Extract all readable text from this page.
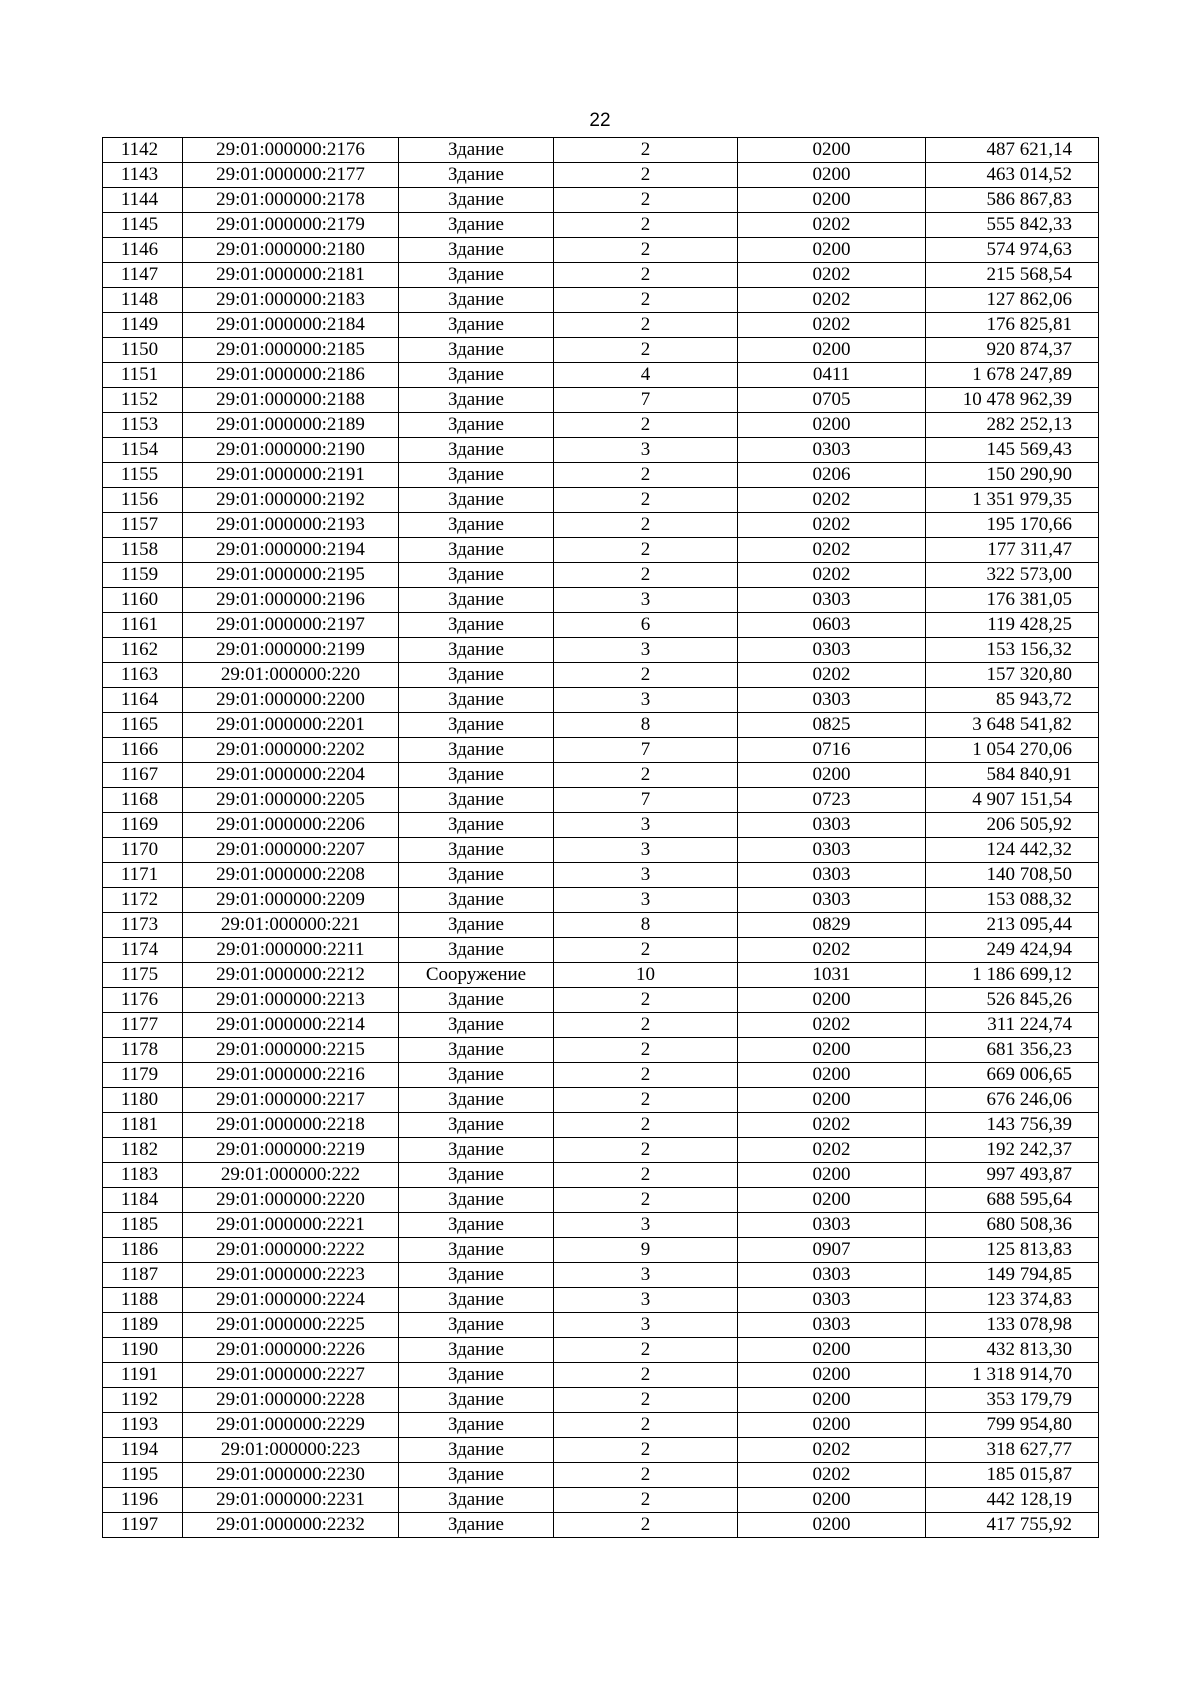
22
1142	29:01:000000:2176	Здание	2	0200	487 621,14
1143	29:01:000000:2177	Здание	2	0200	463 014,52
1144	29:01:000000:2178	Здание	2	0200	586 867,83
1145	29:01:000000:2179	Здание	2	0202	555 842,33
1146	29:01:000000:2180	Здание	2	0200	574 974,63
1147	29:01:000000:2181	Здание	2	0202	215 568,54
1148	29:01:000000:2183	Здание	2	0202	127 862,06
1149	29:01:000000:2184	Здание	2	0202	176 825,81
1150	29:01:000000:2185	Здание	2	0200	920 874,37
1151	29:01:000000:2186	Здание	4	0411	1 678 247,89
1152	29:01:000000:2188	Здание	7	0705	10 478 962,39
1153	29:01:000000:2189	Здание	2	0200	282 252,13
1154	29:01:000000:2190	Здание	3	0303	145 569,43
1155	29:01:000000:2191	Здание	2	0206	150 290,90
1156	29:01:000000:2192	Здание	2	0202	1 351 979,35
1157	29:01:000000:2193	Здание	2	0202	195 170,66
1158	29:01:000000:2194	Здание	2	0202	177 311,47
1159	29:01:000000:2195	Здание	2	0202	322 573,00
1160	29:01:000000:2196	Здание	3	0303	176 381,05
1161	29:01:000000:2197	Здание	6	0603	119 428,25
1162	29:01:000000:2199	Здание	3	0303	153 156,32
1163	29:01:000000:220	Здание	2	0202	157 320,80
1164	29:01:000000:2200	Здание	3	0303	85 943,72
1165	29:01:000000:2201	Здание	8	0825	3 648 541,82
1166	29:01:000000:2202	Здание	7	0716	1 054 270,06
1167	29:01:000000:2204	Здание	2	0200	584 840,91
1168	29:01:000000:2205	Здание	7	0723	4 907 151,54
1169	29:01:000000:2206	Здание	3	0303	206 505,92
1170	29:01:000000:2207	Здание	3	0303	124 442,32
1171	29:01:000000:2208	Здание	3	0303	140 708,50
1172	29:01:000000:2209	Здание	3	0303	153 088,32
1173	29:01:000000:221	Здание	8	0829	213 095,44
1174	29:01:000000:2211	Здание	2	0202	249 424,94
1175	29:01:000000:2212	Сооружение	10	1031	1 186 699,12
1176	29:01:000000:2213	Здание	2	0200	526 845,26
1177	29:01:000000:2214	Здание	2	0202	311 224,74
1178	29:01:000000:2215	Здание	2	0200	681 356,23
1179	29:01:000000:2216	Здание	2	0200	669 006,65
1180	29:01:000000:2217	Здание	2	0200	676 246,06
1181	29:01:000000:2218	Здание	2	0202	143 756,39
1182	29:01:000000:2219	Здание	2	0202	192 242,37
1183	29:01:000000:222	Здание	2	0200	997 493,87
1184	29:01:000000:2220	Здание	2	0200	688 595,64
1185	29:01:000000:2221	Здание	3	0303	680 508,36
1186	29:01:000000:2222	Здание	9	0907	125 813,83
1187	29:01:000000:2223	Здание	3	0303	149 794,85
1188	29:01:000000:2224	Здание	3	0303	123 374,83
1189	29:01:000000:2225	Здание	3	0303	133 078,98
1190	29:01:000000:2226	Здание	2	0200	432 813,30
1191	29:01:000000:2227	Здание	2	0200	1 318 914,70
1192	29:01:000000:2228	Здание	2	0200	353 179,79
1193	29:01:000000:2229	Здание	2	0200	799 954,80
1194	29:01:000000:223	Здание	2	0202	318 627,77
1195	29:01:000000:2230	Здание	2	0202	185 015,87
1196	29:01:000000:2231	Здание	2	0200	442 128,19
1197	29:01:000000:2232	Здание	2	0200	417 755,92
